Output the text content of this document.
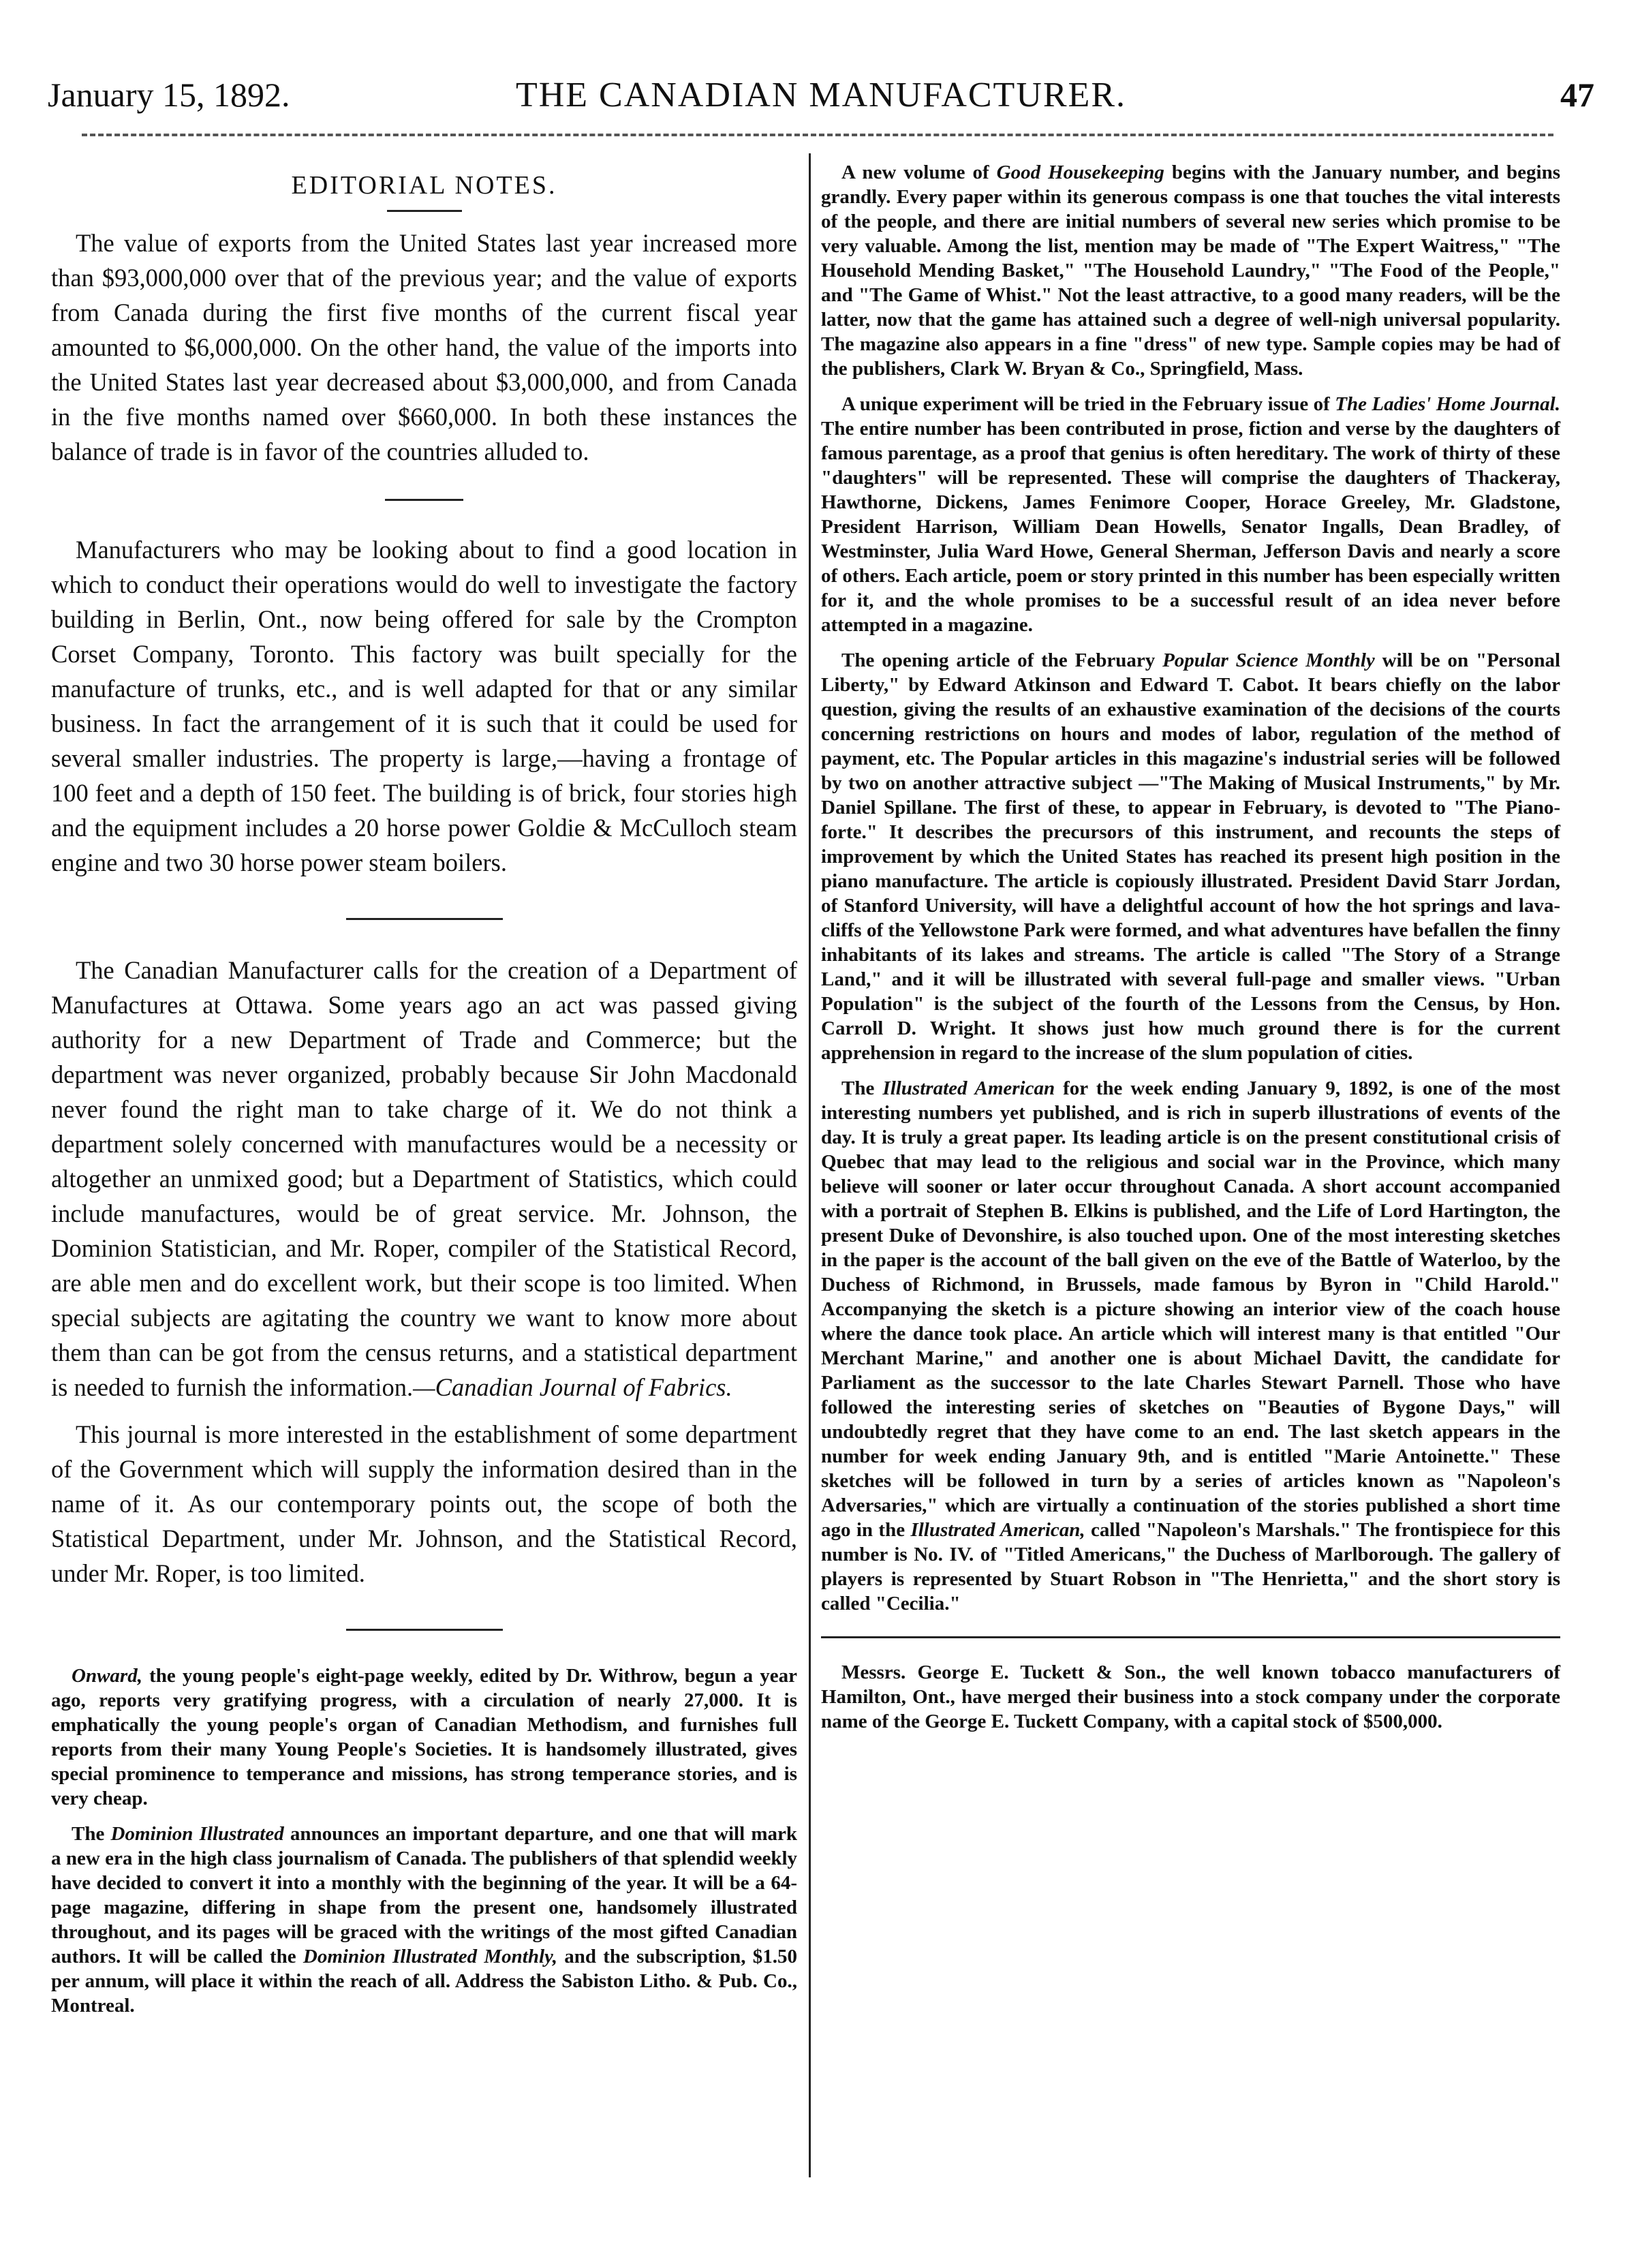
January 15, 1892.	THE CANADIAN MANUFACTURER.	47
EDITORIAL NOTES.

The value of exports from the United States last year increased more than $93,000,000 over that of the previous year; and the value of exports from Canada during the first five months of the current fiscal year amounted to $6,000,000. On the other hand, the value of the imports into the United States last year decreased about $3,000,000, and from Canada in the five months named over $660,000. In both these instances the balance of trade is in favor of the countries alluded to.

Manufacturers who may be looking about to find a good location in which to conduct their operations would do well to investigate the factory building in Berlin, Ont., now being offered for sale by the Crompton Corset Company, Toronto. This factory was built specially for the manufacture of trunks, etc., and is well adapted for that or any similar business. In fact the arrangement of it is such that it could be used for several smaller industries. The property is large,—having a frontage of 100 feet and a depth of 150 feet. The building is of brick, four stories high and the equipment includes a 20 horse power Goldie & McCulloch steam engine and two 30 horse power steam boilers.

The Canadian Manufacturer calls for the creation of a Department of Manufactures at Ottawa. Some years ago an act was passed giving authority for a new Department of Trade and Commerce; but the department was never organized, probably because Sir John Macdonald never found the right man to take charge of it. We do not think a department solely concerned with manufactures would be a necessity or altogether an unmixed good; but a Department of Statistics, which could include manufactures, would be of great service. Mr. Johnson, the Dominion Statistician, and Mr. Roper, compiler of the Statistical Record, are able men and do excellent work, but their scope is too limited. When special subjects are agitating the country we want to know more about them than can be got from the census returns, and a statistical department is needed to furnish the information.—Canadian Journal of Fabrics.

This journal is more interested in the establishment of some department of the Government which will supply the information desired than in the name of it. As our contemporary points out, the scope of both the Statistical Department, under Mr. Johnson, and the Statistical Record, under Mr. Roper, is too limited.

Onward, the young people's eight-page weekly, edited by Dr. Withrow, begun a year ago, reports very gratifying progress, with a circulation of nearly 27,000. It is emphatically the young people's organ of Canadian Methodism, and furnishes full reports from their many Young People's Societies. It is handsomely illustrated, gives special prominence to temperance and missions, has strong temperance stories, and is very cheap.

The Dominion Illustrated announces an important departure, and one that will mark a new era in the high class journalism of Canada. The publishers of that splendid weekly have decided to convert it into a monthly with the beginning of the year. It will be a 64-page magazine, differing in shape from the present one, handsomely illustrated throughout, and its pages will be graced with the writings of the most gifted Canadian authors. It will be called the Dominion Illustrated Monthly, and the subscription, $1.50 per annum, will place it within the reach of all. Address the Sabiston Litho. & Pub. Co., Montreal.

A new volume of Good Housekeeping begins with the January number, and begins grandly. Every paper within its generous compass is one that touches the vital interests of the people, and there are initial numbers of several new series which promise to be very valuable. Among the list, mention may be made of "The Expert Waitress," "The Household Mending Basket," "The Household Laundry," "The Food of the People," and "The Game of Whist." Not the least attractive, to a good many readers, will be the latter, now that the game has attained such a degree of well-nigh universal popularity. The magazine also appears in a fine "dress" of new type. Sample copies may be had of the publishers, Clark W. Bryan & Co., Springfield, Mass.

A unique experiment will be tried in the February issue of The Ladies' Home Journal. The entire number has been contributed in prose, fiction and verse by the daughters of famous parentage, as a proof that genius is often hereditary. The work of thirty of these "daughters" will be represented. These will comprise the daughters of Thackeray, Hawthorne, Dickens, James Fenimore Cooper, Horace Greeley, Mr. Gladstone, President Harrison, William Dean Howells, Senator Ingalls, Dean Bradley, of Westminster, Julia Ward Howe, General Sherman, Jefferson Davis and nearly a score of others. Each article, poem or story printed in this number has been especially written for it, and the whole promises to be a successful result of an idea never before attempted in a magazine.

The opening article of the February Popular Science Monthly will be on "Personal Liberty," by Edward Atkinson and Edward T. Cabot. It bears chiefly on the labor question, giving the results of an exhaustive examination of the decisions of the courts concerning restrictions on hours and modes of labor, regulation of the method of payment, etc. The Popular articles in this magazine's industrial series will be followed by two on another attractive subject —"The Making of Musical Instruments," by Mr. Daniel Spillane. The first of these, to appear in February, is devoted to "The Piano-forte." It describes the precursors of this instrument, and recounts the steps of improvement by which the United States has reached its present high position in the piano manufacture. The article is copiously illustrated. President David Starr Jordan, of Stanford University, will have a delightful account of how the hot springs and lava-cliffs of the Yellowstone Park were formed, and what adventures have befallen the finny inhabitants of its lakes and streams. The article is called "The Story of a Strange Land," and it will be illustrated with several full-page and smaller views. "Urban Population" is the subject of the fourth of the Lessons from the Census, by Hon. Carroll D. Wright. It shows just how much ground there is for the current apprehension in regard to the increase of the slum population of cities.

The Illustrated American for the week ending January 9, 1892, is one of the most interesting numbers yet published, and is rich in superb illustrations of events of the day. It is truly a great paper. Its leading article is on the present constitutional crisis of Quebec that may lead to the religious and social war in the Province, which many believe will sooner or later occur throughout Canada. A short account accompanied with a portrait of Stephen B. Elkins is published, and the Life of Lord Hartington, the present Duke of Devonshire, is also touched upon. One of the most interesting sketches in the paper is the account of the ball given on the eve of the Battle of Waterloo, by the Duchess of Richmond, in Brussels, made famous by Byron in "Child Harold." Accompanying the sketch is a picture showing an interior view of the coach house where the dance took place. An article which will interest many is that entitled "Our Merchant Marine," and another one is about Michael Davitt, the candidate for Parliament as the successor to the late Charles Stewart Parnell. Those who have followed the interesting series of sketches on "Beauties of Bygone Days," will undoubtedly regret that they have come to an end. The last sketch appears in the number for week ending January 9th, and is entitled "Marie Antoinette." These sketches will be followed in turn by a series of articles known as "Napoleon's Adversaries," which are virtually a continuation of the stories published a short time ago in the Illustrated American, called "Napoleon's Marshals." The frontispiece for this number is No. IV. of "Titled Americans," the Duchess of Marlborough. The gallery of players is represented by Stuart Robson in "The Henrietta," and the short story is called "Cecilia."

Messrs. George E. Tuckett & Son., the well known tobacco manufacturers of Hamilton, Ont., have merged their business into a stock company under the corporate name of the George E. Tuckett Company, with a capital stock of $500,000.
